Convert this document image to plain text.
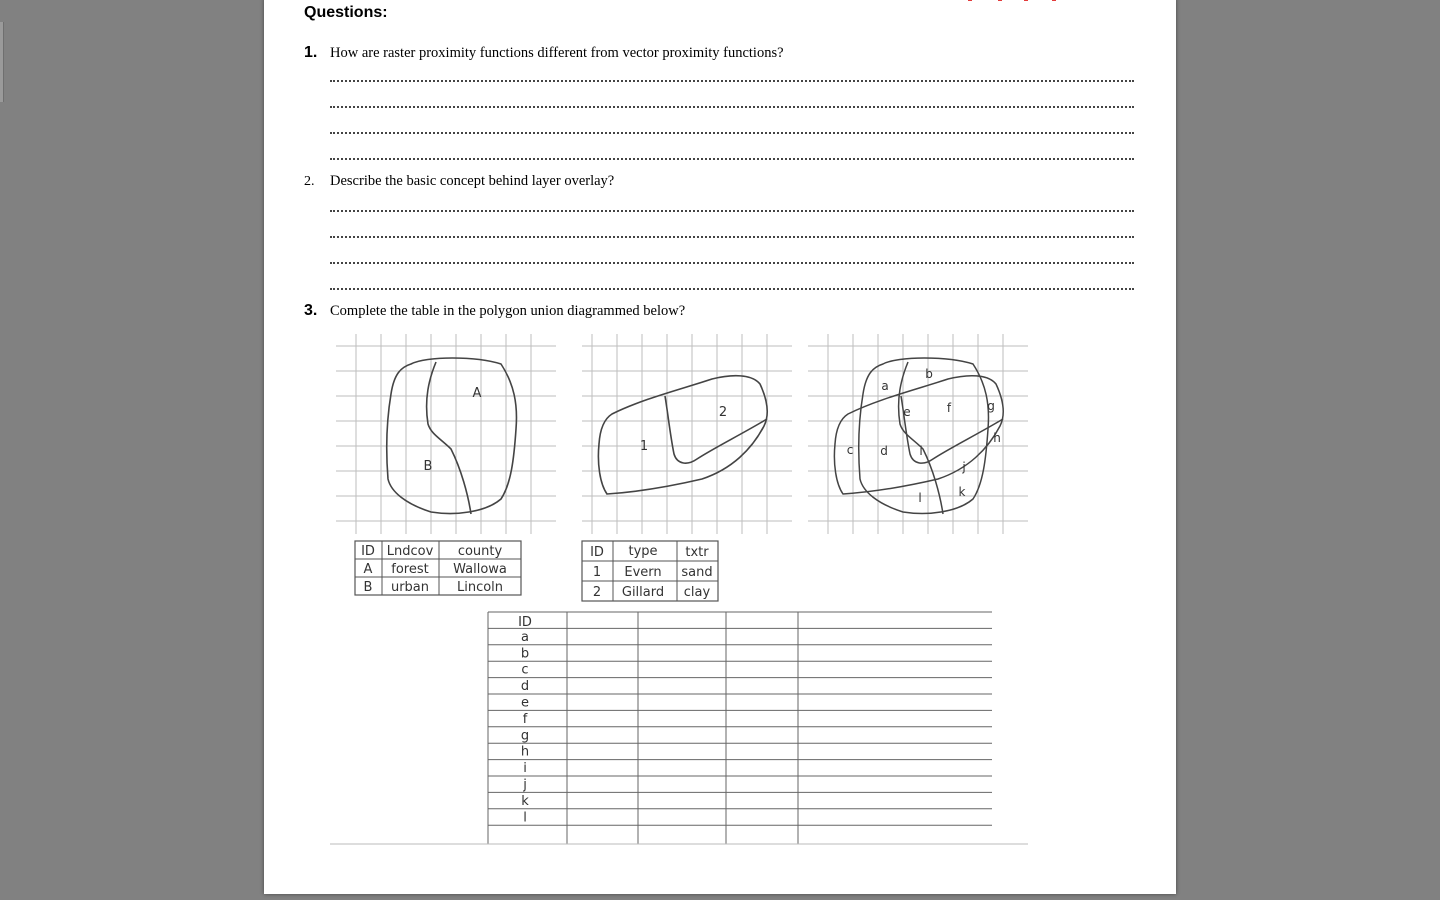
Questions:
1. How are raster proximity functions different from vector proximity functions?
2. Describe the basic concept behind layer overlay?
3. Complete the table in the polygon union diagrammed below?
A
B
2
1
a
b
c d
e	f	g
h
i
j
k
l
ID Lndcov county
A forest Wallowa
B urban Lincoln
ID type txtr
1 Evern sand
2 Gillard clay
a
b
c
d
e
f
g
h
i
j
k
l
ID
